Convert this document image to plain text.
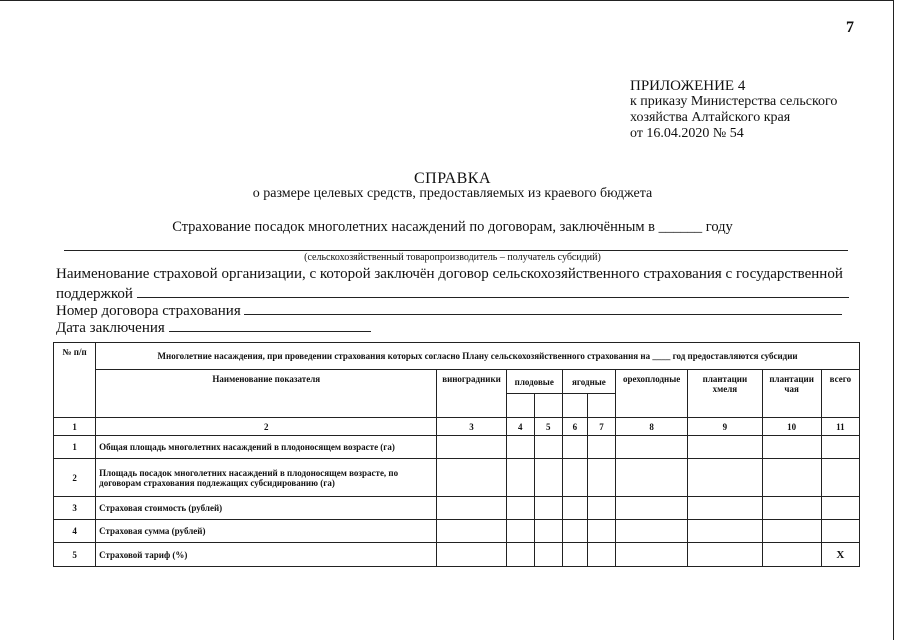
7
ПРИЛОЖЕНИЕ 4
к приказу Министерства сельского
хозяйства Алтайского края
от 16.04.2020 № 54
СПРАВКА
о размере целевых средств, предоставляемых из краевого бюджета
Страхование посадок многолетних насаждений по договорам, заключённым в ______ году
(сельскохозяйственный товаропроизводитель – получатель субсидий)
Наименование страховой организации, с которой заключён договор сельскохозяйственного страхования с государственной
поддержкой
Номер договора страхования
Дата заключения
№ п/п	Многолетние насаждения, при проведении страхования которых согласно Плану сельскохозяйственного страхования на ____ год предоставляются субсидии									
	Наименование показателя	виноградники	плодовые		ягодные		орехоплодные	плантации хмеля	плантации чая	всего

1	2	3	4	5	6	7	8	9	10	11
1	Общая площадь многолетних насаждений в плодоносящем возрасте (га)									
2	Площадь посадок многолетних насаждений в плодоносящем возрасте, по договорам страхования подлежащих субсидированию (га)									
3	Страховая стоимость (рублей)									
4	Страховая сумма (рублей)									
5	Страховой тариф (%)									X
